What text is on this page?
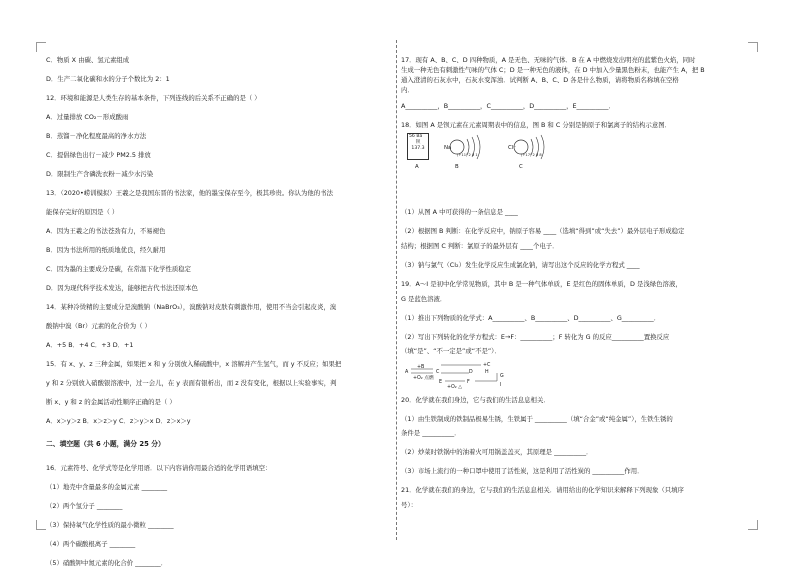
C．物质 X 由碳、氢元素组成
D．生产二氧化碳和水的分子个数比为 2：1
12．环境和能源是人类生存的基本条件，下列连线的后关系不正确的是（ ）
A．过量排放 CO₂－形成酸雨
B．蒸馏－净化程度最高的净水方法
C．提倡绿色出行－减少 PM2.5 排放
D．限制生产含磷洗衣粉－减少水污染
13．（2020•崂训模拟）王羲之是我国东晋的书法家，他的墨宝保存至今，极其珍贵。你认为他的书法
能保存完好的原因是（ ）
A．因为王羲之的书法苍劲有力，不易褪色
B．因为书法所用的纸质地优良，经久耐用
C．因为墨的主要成分是碳，在常温下化学性质稳定
D．因为现代科学技术发达，能够把古代书法还原本色
14．某种冷烫精的主要成分是溴酸钠（NaBrO₃），溴酸钠对皮肤有刺激作用，使用不当会引起皮炎，溴
酸钠中溴（Br）元素的化合价为（ ）
A．+5 B．+4 C．+3 D．+1
15．有 x、y、z 三种金属，如果把 x 和 y 分别放入稀硫酸中，x 溶解并产生氢气，而 y 不反应；如果把
y 和 z 分别放入硝酸银溶液中，过一会儿，在 y 表面有银析出，而 z 没有变化，根据以上实验事实，判
断 x、y 和 z 的金属活动性顺序正确的是（ ）
A．x＞y＞z B．x＞z＞y C．z＞y＞x D．z＞x＞y
二、填空题（共 6 小题，满分 25 分）
16．元素符号、化学式等是化学用语．以下内容请你用最合适的化学用语填空：
（1）地壳中含量最多的金属元素 ________
（2）两个氢分子 ________
（3）保持氧气化学性质的最小微粒 ________
（4）两个碳酸根离子 ________
（5）硝酸钾中氮元素的化合价 ________．
17．现有 A、B、C、D 四种物质，A 是无色、无味的气体．B 在 A 中燃烧发出明亮的蓝紫色火焰，同时
生成一种无色有刺激性气味的气体 C；D 是一种无色的液体，在 D 中加入少量黑色粉末，也能产生 A，把 B
通入澄清的石灰水中，石灰水变浑浊．试判断 A、B、C、D 各是什么物质，请将物质名称填在空格
内．
A__________，B__________，C__________，D__________，E__________．
18．如图 A 是钡元素在元素周期表中的信息，图 B 和 C 分别是钠原子和氯离子的结构示意图．
56 Ba
钡
137.3	Na
(+11) 2 8 1
Cl⁻
(+17) 2 8 8
A	B	C
（1）从图 A 中可获得的一条信息是 ____
（2）根据图 B 判断：在化学反应中，钠原子容易 ____（选填“得到”或“失去”）最外层电子形成稳定
结构；根据图 C 判断：氯原子的最外层有 ____个电子．
（3）钠与氯气（Cl₂）发生化学反应生成氯化钠，请写出这个反应的化学方程式 ____
19．A～I 是初中化学常见物质，其中 B 是一种气体单质，E 是红色的固体单质，D 是浅绿色溶液，
G 是蓝色溶液．
（1）推出下列物质的化学式：A__________、B__________、D__________、G__________．
（2）写出下列转化的化学方程式：E→F：__________；F 转化为 G 的反应__________置换反应
（填“是”、“不一定是”或“不是”）．
A
+B
+O₂ 点燃
C	D
+C
E	F
G
+O₂ △
H
I
20．化学就在我们身边，它与我们的生活息息相关．
（1）由生铁制成的铁制品极易生锈，生铁属于 __________（填“合金”或“纯金属”），生铁生锈的
条件是 __________．
（2）炒菜时铁锅中的油着火可用锅盖盖灭，其原理是 __________．
（3）市场上流行的一种口罩中使用了活性炭，这是利用了活性炭的 __________作用．
21．化学就在我们的身边，它与我们的生活息息相关．请用给出的化学知识来解释下列现象（只填序
号）：
